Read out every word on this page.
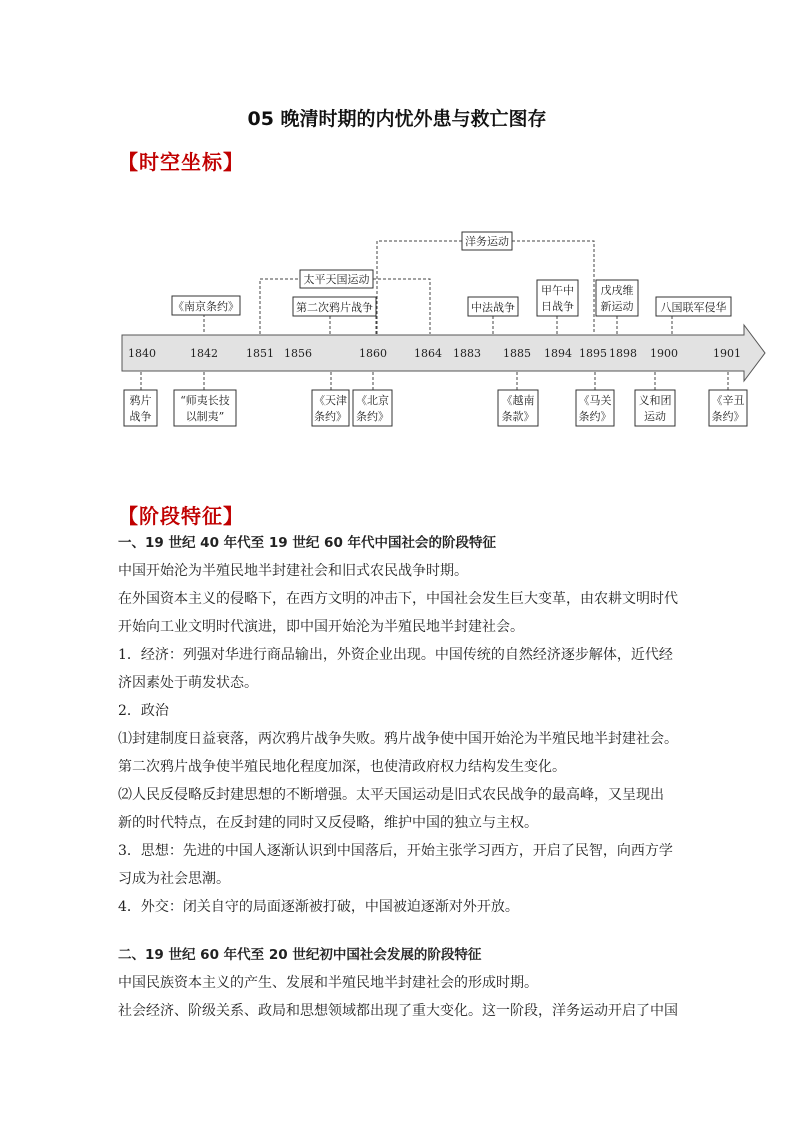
05 晚清时期的内忧外患与救亡图存
【时空坐标】
1840	1842	1851 1856	1860 1864 1883 1885 1894 1895 1898 1900	1901
洋务运动
太平天国运动
《南京条约》	第二次鸦片战争	中法战争
甲午中
日战争
戊戌维
新运动 八国联军侵华
鸦片
战争
“师夷长技
以制夷”
《天津
条约》
《北京
条约》
《越南
条款》
《马关
条约》
义和团
运动
《辛丑
条约》
【阶段特征】

一、19 世纪 40 年代至 19 世纪 60 年代中国社会的阶段特征

中国开始沦为半殖民地半封建社会和旧式农民战争时期。

在外国资本主义的侵略下，在西方文明的冲击下，中国社会发生巨大变革，由农耕文明时代

开始向工业文明时代演进，即中国开始沦为半殖民地半封建社会。

1．经济：列强对华进行商品输出，外资企业出现。中国传统的自然经济逐步解体，近代经

济因素处于萌发状态。

2．政治

⑴封建制度日益衰落，两次鸦片战争失败。鸦片战争使中国开始沦为半殖民地半封建社会。

第二次鸦片战争使半殖民地化程度加深，也使清政府权力结构发生变化。

⑵人民反侵略反封建思想的不断增强。太平天国运动是旧式农民战争的最高峰，又呈现出

新的时代特点，在反封建的同时又反侵略，维护中国的独立与主权。

3．思想：先进的中国人逐渐认识到中国落后，开始主张学习西方，开启了民智，向西方学

习成为社会思潮。

4．外交：闭关自守的局面逐渐被打破，中国被迫逐渐对外开放。

二、19 世纪 60 年代至 20 世纪初中国社会发展的阶段特征

中国民族资本主义的产生、发展和半殖民地半封建社会的形成时期。

社会经济、阶级关系、政局和思想领域都出现了重大变化。这一阶段，洋务运动开启了中国
